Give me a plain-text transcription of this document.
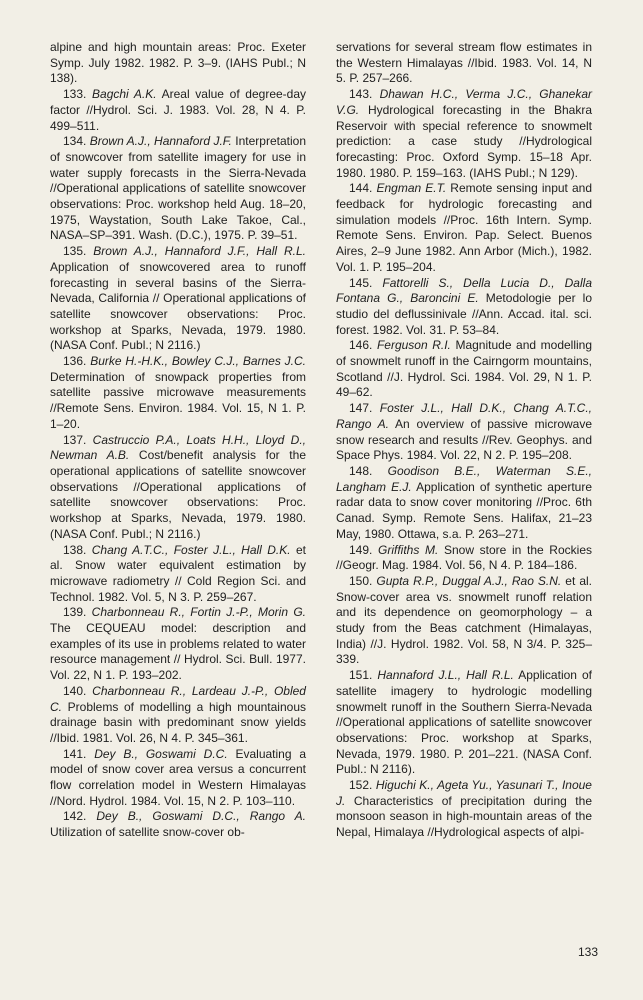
alpine and high mountain areas: Proc. Exeter Symp. July 1982. 1982. P. 3–9. (IAHS Publ.; N 138).

133. Bagchi A.K. Areal value of degree-day factor //Hydrol. Sci. J. 1983. Vol. 28, N 4. P. 499–511.

134. Brown A.J., Hannaford J.F. Interpretation of snowcover from satellite imagery for use in water supply forecasts in the Sierra-Nevada //Operational applications of satellite snowcover observations: Proc. workshop held Aug. 18–20, 1975, Waystation, South Lake Takoe, Cal., NASA–SP–391. Wash. (D.C.), 1975. P. 39–51.

135. Brown A.J., Hannaford J.F., Hall R.L. Application of snowcovered area to runoff forecasting in several basins of the Sierra-Nevada, California // Operational applications of satellite snowcover observations: Proc. workshop at Sparks, Nevada, 1979. 1980. (NASA Conf. Publ.; N 2116.)

136. Burke H.-H.K., Bowley C.J., Barnes J.C. Determination of snowpack properties from satellite passive microwave measurements //Remote Sens. Environ. 1984. Vol. 15, N 1. P. 1–20.

137. Castruccio P.A., Loats H.H., Lloyd D., Newman A.B. Cost/benefit analysis for the operational applications of satellite snowcover observations //Operational applications of satellite snowcover observations: Proc. workshop at Sparks, Nevada, 1979. 1980. (NASA Conf. Publ.; N 2116.)

138. Chang A.T.C., Foster J.L., Hall D.K. et al. Snow water equivalent estimation by microwave radiometry // Cold Region Sci. and Technol. 1982. Vol. 5, N 3. P. 259–267.

139. Charbonneau R., Fortin J.-P., Morin G. The CEQUEAU model: description and examples of its use in problems related to water resource management // Hydrol. Sci. Bull. 1977. Vol. 22, N 1. P. 193–202.

140. Charbonneau R., Lardeau J.-P., Obled C. Problems of modelling a high mountainous drainage basin with predominant snow yields //Ibid. 1981. Vol. 26, N 4. P. 345–361.

141. Dey B., Goswami D.C. Evaluating a model of snow cover area versus a concurrent flow correlation model in Western Himalayas //Nord. Hydrol. 1984. Vol. 15, N 2. P. 103–110.

142. Dey B., Goswami D.C., Rango A. Utilization of satellite snow-cover ob-

servations for several stream flow estimates in the Western Himalayas //Ibid. 1983. Vol. 14, N 5. P. 257–266.

143. Dhawan H.C., Verma J.C., Ghanekar V.G. Hydrological forecasting in the Bhakra Reservoir with special reference to snowmelt prediction: a case study //Hydrological forecasting: Proc. Oxford Symp. 15–18 Apr. 1980. 1980. P. 159–163. (IAHS Publ.; N 129).

144. Engman E.T. Remote sensing input and feedback for hydrologic forecasting and simulation models //Proc. 16th Intern. Symp. Remote Sens. Environ. Pap. Select. Buenos Aires, 2–9 June 1982. Ann Arbor (Mich.), 1982. Vol. 1. P. 195–204.

145. Fattorelli S., Della Lucia D., Dalla Fontana G., Baroncini E. Metodologie per lo studio del deflussinivale //Ann. Accad. ital. sci. forest. 1982. Vol. 31. P. 53–84.

146. Ferguson R.I. Magnitude and modelling of snowmelt runoff in the Cairngorm mountains, Scotland //J. Hydrol. Sci. 1984. Vol. 29, N 1. P. 49–62.

147. Foster J.L., Hall D.K., Chang A.T.C., Rango A. An overview of passive microwave snow research and results //Rev. Geophys. and Space Phys. 1984. Vol. 22, N 2. P. 195–208.

148. Goodison B.E., Waterman S.E., Langham E.J. Application of synthetic aperture radar data to snow cover monitoring //Proc. 6th Canad. Symp. Remote Sens. Halifax, 21–23 May, 1980. Ottawa, s.a. P. 263–271.

149. Griffiths M. Snow store in the Rockies //Geogr. Mag. 1984. Vol. 56, N 4. P. 184–186.

150. Gupta R.P., Duggal A.J., Rao S.N. et al. Snow-cover area vs. snowmelt runoff relation and its dependence on geomorphology – a study from the Beas catchment (Himalayas, India) //J. Hydrol. 1982. Vol. 58, N 3/4. P. 325–339.

151. Hannaford J.L., Hall R.L. Application of satellite imagery to hydrologic modelling snowmelt runoff in the Southern Sierra-Nevada //Operational applications of satellite snowcover observations: Proc. workshop at Sparks, Nevada, 1979. 1980. P. 201–221. (NASA Conf. Publ.: N 2116).

152. Higuchi K., Ageta Yu., Yasunari T., Inoue J. Characteristics of precipitation during the monsoon season in high-mountain areas of the Nepal, Himalaya //Hydrological aspects of alpi-

133
